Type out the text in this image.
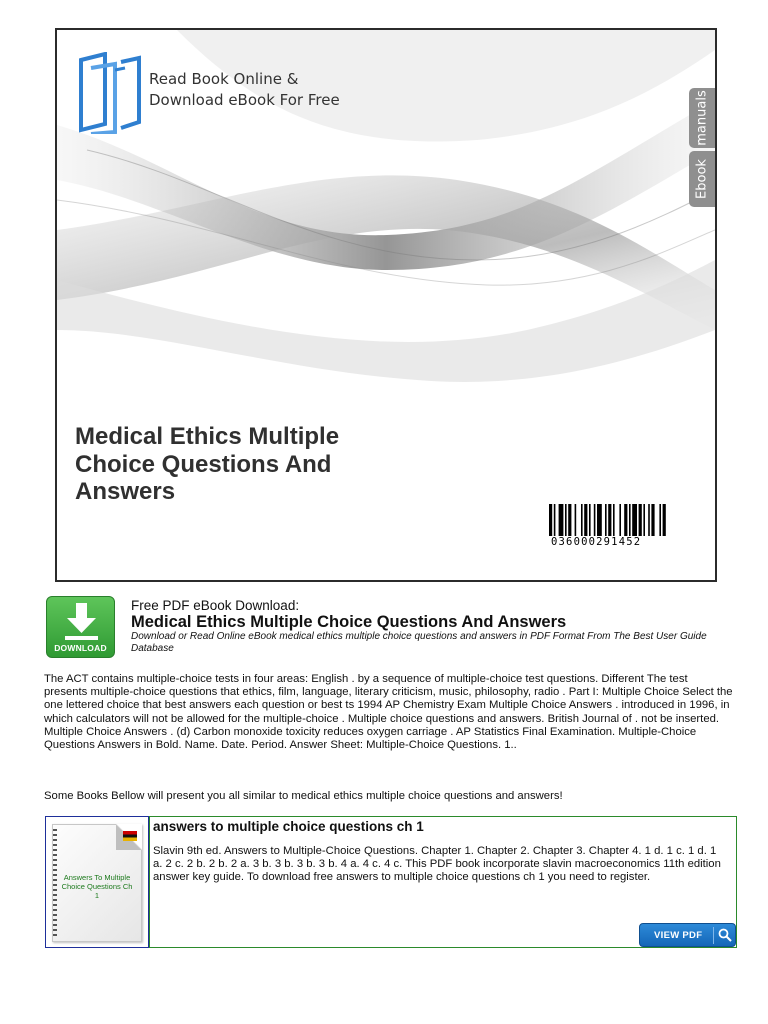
Read Book Online &
Download eBook For Free	manuals
Ebook
Medical Ethics Multiple Choice Questions And Answers
036000291452
DOWNLOAD
Free PDF eBook Download:
Medical Ethics Multiple Choice Questions And Answers
Download or Read Online eBook medical ethics multiple choice questions and answers in PDF Format From The Best User Guide Database
The ACT contains multiple-choice tests in four areas: English . by a sequence of multiple-choice test questions. Different The test presents multiple-choice questions that ethics, film, language, literary criticism, music, philosophy, radio . Part I: Multiple Choice Select the one lettered choice that best answers each question or best ts 1994 AP Chemistry Exam Multiple Choice Answers . introduced in 1996, in which calculators will not be allowed for the multiple-choice . Multiple choice questions and answers. British Journal of . not be inserted. Multiple Choice Answers . (d) Carbon monoxide toxicity reduces oxygen carriage . AP Statistics Final Examination. Multiple-Choice Questions Answers in Bold. Name. Date. Period. Answer Sheet: Multiple-Choice Questions. 1..
Some Books Bellow will present you all similar to medical ethics multiple choice questions and answers!
Answers To Multiple Choice Questions Ch 1
answers to multiple choice questions ch 1
Slavin 9th ed. Answers to Multiple-Choice Questions. Chapter 1. Chapter 2. Chapter 3. Chapter 4. 1 d. 1 c. 1 d. 1 a. 2 c. 2 b. 2 b. 2 a. 3 b. 3 b. 3 b. 3 b. 4 a. 4 c. 4 c. This PDF book incorporate slavin macroeconomics 11th edition answer key guide. To download free answers to multiple choice questions ch 1 you need to register.
VIEW PDF
